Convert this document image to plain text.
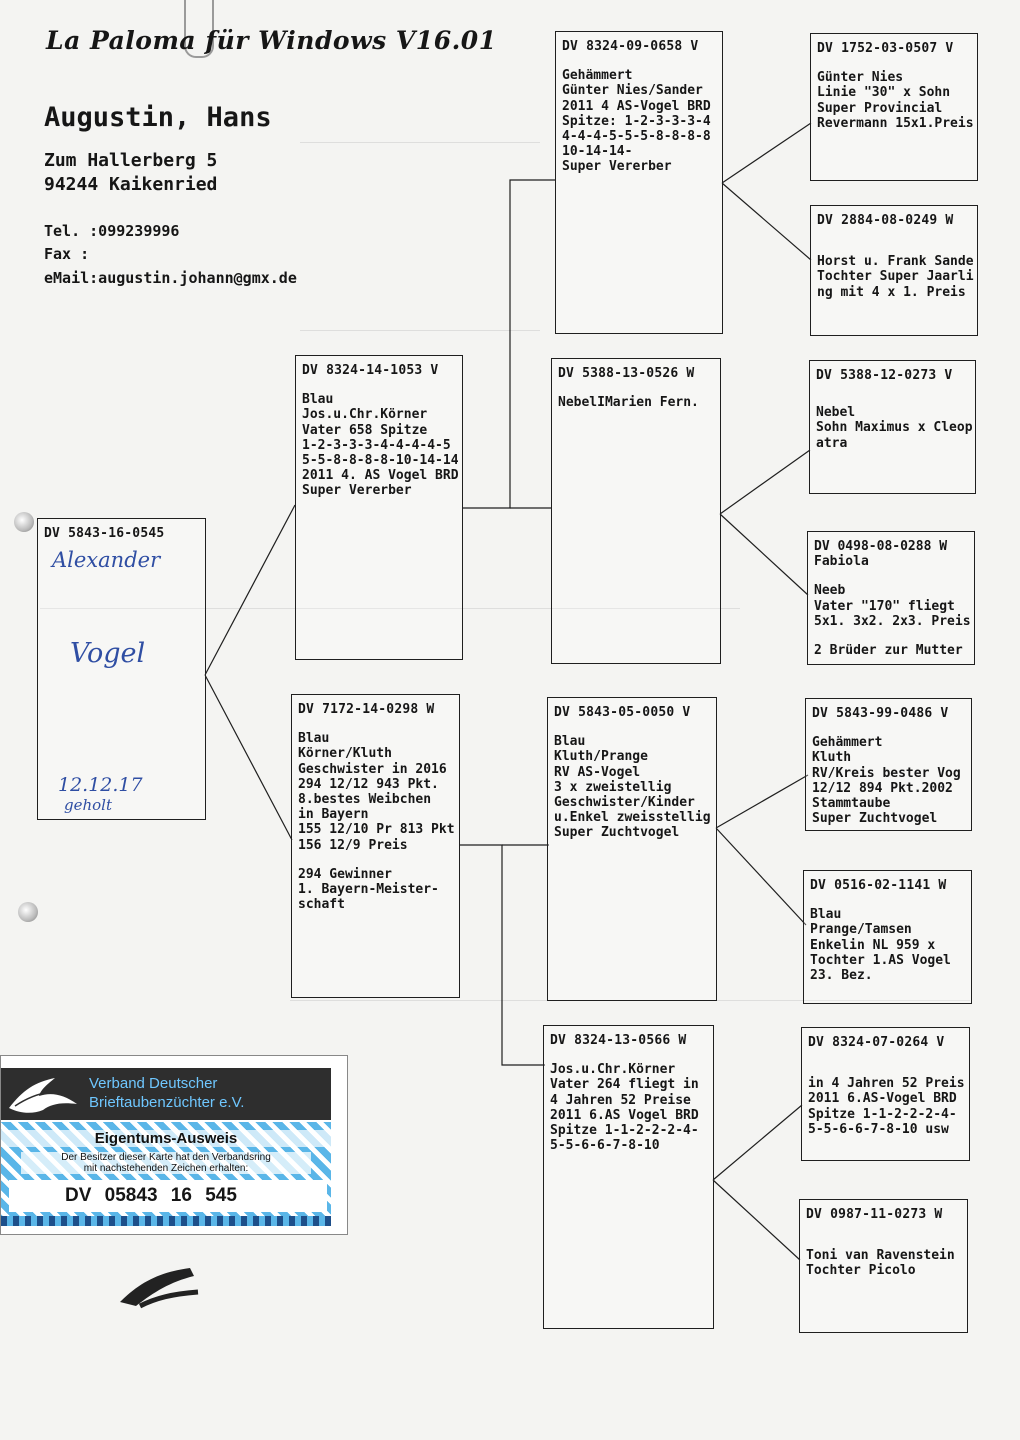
La Paloma für Windows V16.01
Augustin, Hans
Zum Hallerberg 5
94244 Kaikenried
Tel. :099239996
Fax :
eMail:augustin.johann@gmx.de
DV 5843-16-0545
Alexander
Vogel
12.12.17
geholt
DV 8324-14-1053 V
Blau
Jos.u.Chr.Körner
Vater 658 Spitze
1-2-3-3-3-4-4-4-4-5
5-5-8-8-8-8-10-14-14
2011 4. AS Vogel BRD
Super Vererber
DV 7172-14-0298 W
Blau
Körner/Kluth
Geschwister in 2016
294 12/12 943 Pkt.
8.bestes Weibchen
in Bayern
155 12/10 Pr 813 Pkt
156 12/9 Preis
294 Gewinner
1. Bayern-Meister-
schaft
DV 8324-09-0658 V
Gehämmert
Günter Nies/Sander
2011 4 AS-Vogel BRD
Spitze: 1-2-3-3-3-4
4-4-4-5-5-5-8-8-8-8
10-14-14-
Super Vererber
DV 5388-13-0526 W
NebelIMarien Fern.
DV 5843-05-0050 V
Blau
Kluth/Prange
RV AS-Vogel
3 x zweistellig
Geschwister/Kinder
u.Enkel zweisstellig
Super Zuchtvogel
DV 8324-13-0566 W
Jos.u.Chr.Körner
Vater 264 fliegt in
4 Jahren 52 Preise
2011 6.AS Vogel BRD
Spitze 1-1-2-2-2-4-
5-5-6-6-7-8-10
DV 1752-03-0507 V
Günter Nies
Linie "30" x Sohn
Super Provincial
Revermann 15x1.Preis
DV 2884-08-0249 W
Horst u. Frank Sande
Tochter Super Jaarli
ng mit 4 x 1. Preis
DV 5388-12-0273 V
Nebel
Sohn Maximus x Cleop
atra
DV 0498-08-0288 W
Fabiola
Neeb
Vater "170" fliegt
5x1. 3x2. 2x3. Preis
2 Brüder zur Mutter
DV 5843-99-0486 V
Gehämmert
Kluth
RV/Kreis bester Vog
12/12 894 Pkt.2002
Stammtaube
Super Zuchtvogel
DV 0516-02-1141 W
Blau
Prange/Tamsen
Enkelin NL 959 x
Tochter 1.AS Vogel
23. Bez.
DV 8324-07-0264 V
in 4 Jahren 52 Preis
2011 6.AS-Vogel BRD
Spitze 1-1-2-2-2-4-
5-5-6-6-7-8-10 usw
DV 0987-11-0273 W
Toni van Ravenstein
Tochter Picolo
Verband Deutscher
Brieftaubenzüchter e.V.
Eigentums-Ausweis
Der Besitzer dieser Karte hat den Verbandsring
mit nachstehenden Zeichen erhalten:
DV 05843 16 545
